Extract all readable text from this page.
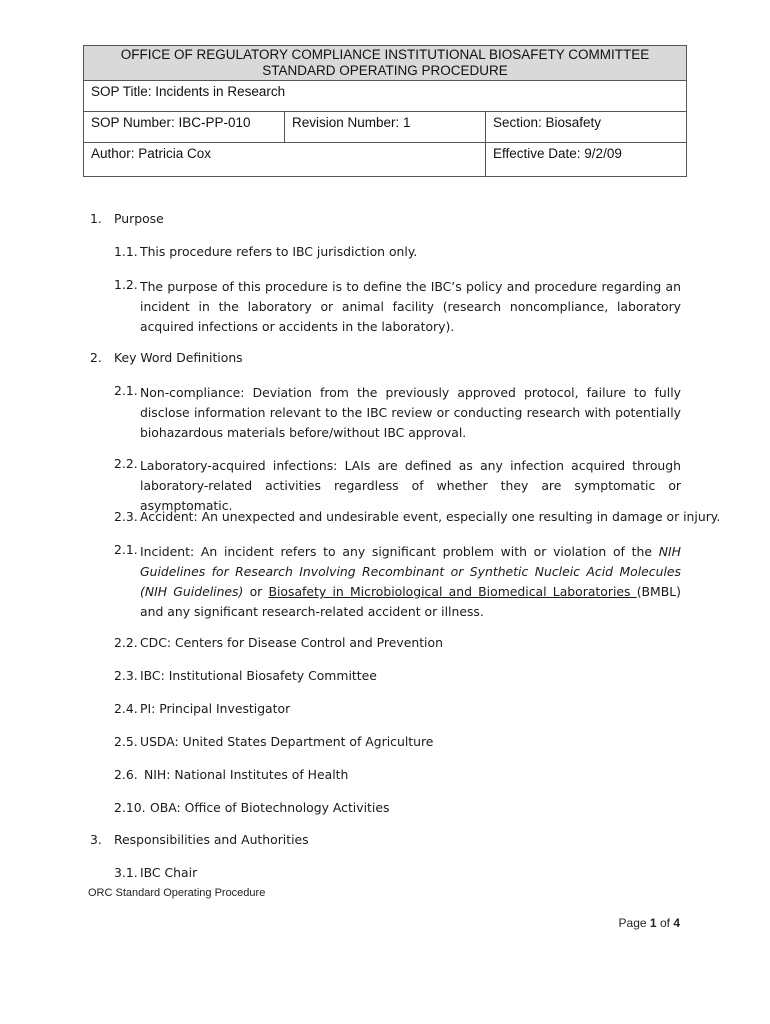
OFFICE OF REGULATORY COMPLIANCE INSTITUTIONAL BIOSAFETY COMMITTEE STANDARD OPERATING PROCEDURE
SOP Title: Incidents in Research
SOP Number: IBC-PP-010	Revision Number: 1	Section: Biosafety
Author: Patricia Cox	Effective Date: 9/2/09
1. Purpose
1.1. This procedure refers to IBC jurisdiction only.
1.2. The purpose of this procedure is to define the IBC’s policy and procedure regarding an incident in the laboratory or animal facility (research noncompliance, laboratory acquired infections or accidents in the laboratory).
2. Key Word Definitions
2.1. Non-compliance: Deviation from the previously approved protocol, failure to fully disclose information relevant to the IBC review or conducting research with potentially biohazardous materials before/without IBC approval.
2.2. Laboratory-acquired infections: LAIs are defined as any infection acquired through laboratory-related activities regardless of whether they are symptomatic or asymptomatic.
2.3. Accident: An unexpected and undesirable event, especially one resulting in damage or injury.
2.1. Incident: An incident refers to any significant problem with or violation of the NIH Guidelines for Research Involving Recombinant or Synthetic Nucleic Acid Molecules (NIH Guidelines) or Biosafety in Microbiological and Biomedical Laboratories (BMBL) and any significant research-related accident or illness.
2.2. CDC: Centers for Disease Control and Prevention
2.3. IBC: Institutional Biosafety Committee
2.4. PI: Principal Investigator
2.5. USDA: United States Department of Agriculture
2.6. NIH: National Institutes of Health
2.10. OBA: Office of Biotechnology Activities
3. Responsibilities and Authorities
3.1. IBC Chair
ORC Standard Operating Procedure
Page 1 of 4
